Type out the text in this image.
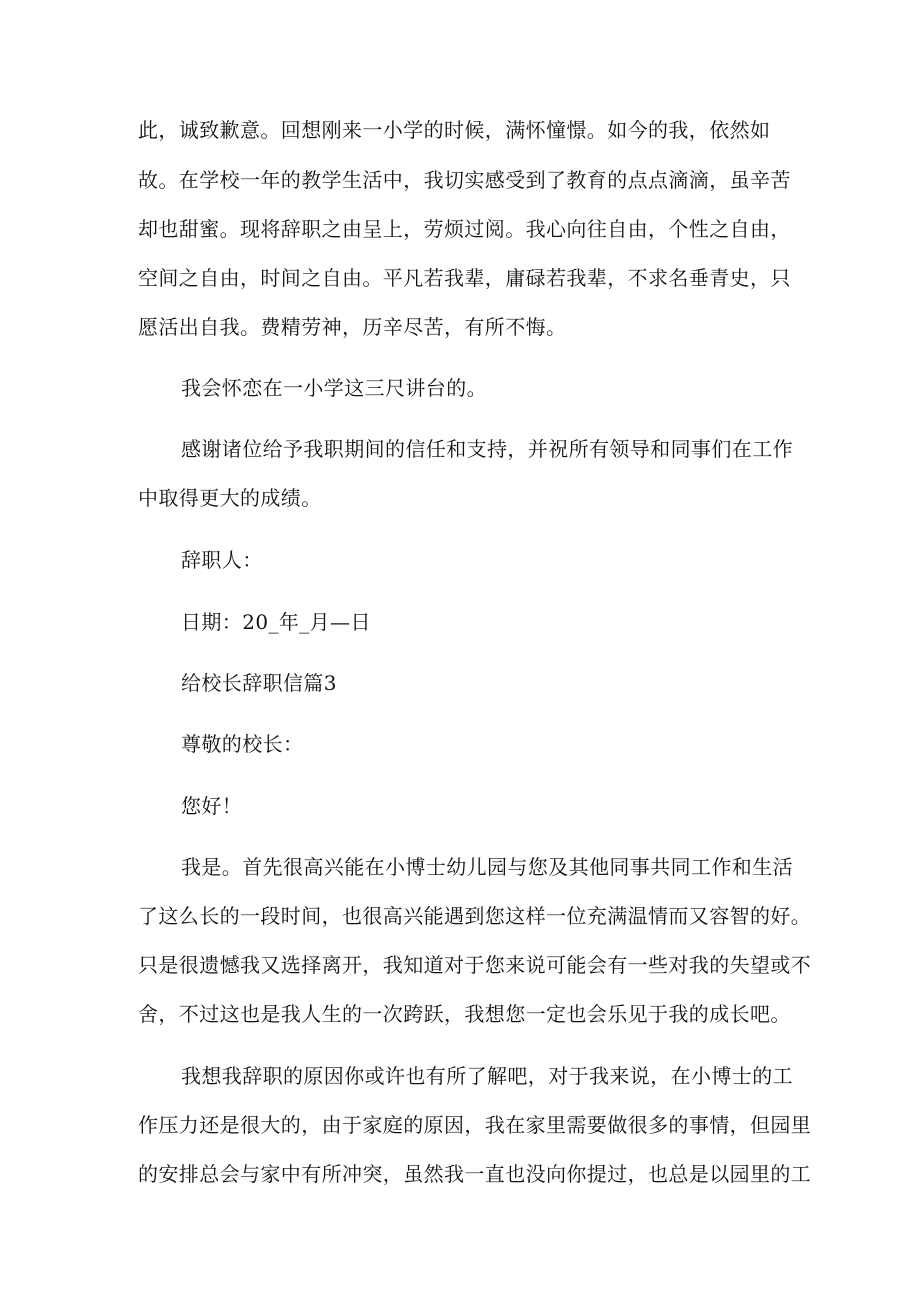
此，诚致歉意。回想刚来一小学的时候，满怀憧憬。如今的我，依然如
故。在学校一年的教学生活中，我切实感受到了教育的点点滴滴，虽辛苦
却也甜蜜。现将辞职之由呈上，劳烦过阅。我心向往自由，个性之自由，
空间之自由，时间之自由。平凡若我辈，庸碌若我辈，不求名垂青史，只
愿活出自我。费精劳神，历辛尽苦，有所不悔。
我会怀恋在一小学这三尺讲台的。
感谢诸位给予我职期间的信任和支持，并祝所有领导和同事们在工作
中取得更大的成绩。
辞职人：
日期：20_年_月—日
给校长辞职信篇3
尊敬的校长：
您好！
我是。首先很高兴能在小博士幼儿园与您及其他同事共同工作和生活
了这么长的一段时间，也很高兴能遇到您这样一位充满温情而又容智的好。
只是很遗憾我又选择离开，我知道对于您来说可能会有一些对我的失望或不
舍，不过这也是我人生的一次跨跃，我想您一定也会乐见于我的成长吧。
我想我辞职的原因你或许也有所了解吧，对于我来说，在小博士的工
作压力还是很大的，由于家庭的原因，我在家里需要做很多的事情，但园里
的安排总会与家中有所冲突，虽然我一直也没向你提过，也总是以园里的工
